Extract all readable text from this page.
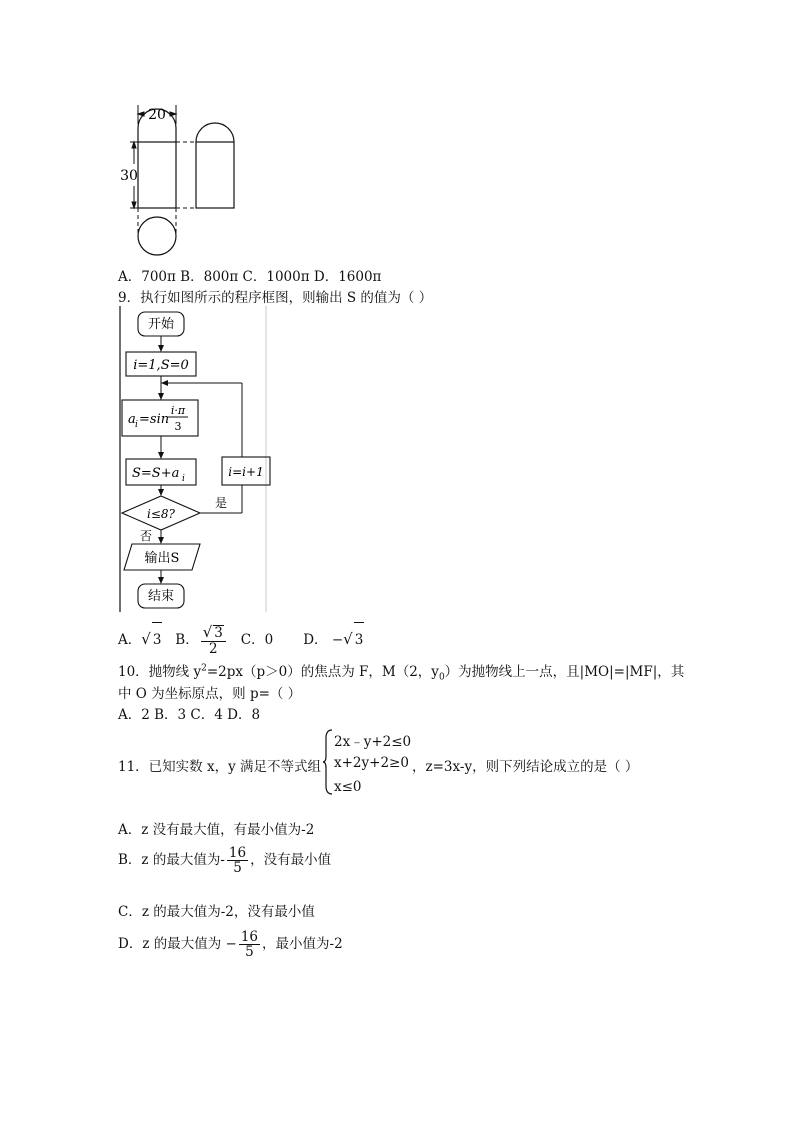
20
30
A．700π B．800π C．1000π D．1600π
9．执行如图所示的程序框图，则输出 S 的值为（ ）
开始
i=1,S=0
a i =sin
i·π
3
S=S+a i
i≤8?
是
i=i+1
否
输出S
结束
A．√ 3 B． $\frac{√ 3}{2}$ C．0 D． −√ 3
10．抛物线 $y^2=2px(p>0)$的焦点为 F，M（2，$y_0$）为抛物线上一点，且|MO|=|MF|，其
中 O 为坐标原点，则 p=（ ）
A．2 B．3 C．4 D．8
11．已知实数 x，y 满足不等式组
2x﹣y+2≤0
x+2y+2≥0
x≤0
，z=3x-y，则下列结论成立的是（ ）
A．z 没有最大值，有最小值为-2
B．z 的最大值为- $\frac{16}{5}$ ，没有最小值
C．z 的最大值为-2，没有最小值
D．z 的最大值为 − $\frac{16}{5}$ ，最小值为-2
